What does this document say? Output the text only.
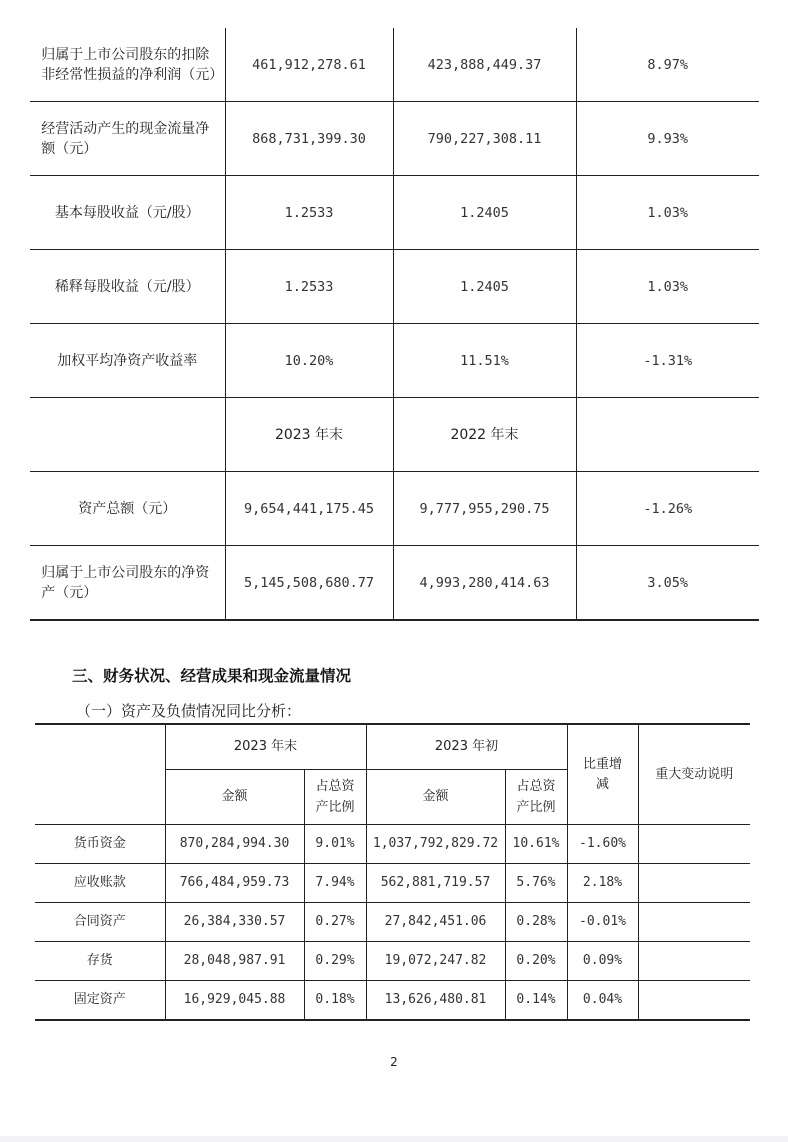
归属于上市公司股东的扣除非经常性损益的净利润（元）	461,912,278.61	423,888,449.37	8.97%
经营活动产生的现金流量净额（元）	868,731,399.30	790,227,308.11	9.93%
基本每股收益（元/股）	1.2533	1.2405	1.03%
稀释每股收益（元/股）	1.2533	1.2405	1.03%
加权平均净资产收益率	10.20%	11.51%	-1.31%
	2023 年末	2022 年末	
资产总额（元）	9,654,441,175.45	9,777,955,290.75	-1.26%
归属于上市公司股东的净资产（元）	5,145,508,680.77	4,993,280,414.63	3.05%

三、财务状况、经营成果和现金流量情况

（一）资产及负债情况同比分析：

	2023 年末		2023 年初		比重增减	重大变动说明
	金额	占总资产比例	金额	占总资产比例		
货币资金	870,284,994.30	9.01%	1,037,792,829.72	10.61%	-1.60%	
应收账款	766,484,959.73	7.94%	562,881,719.57	5.76%	2.18%	
合同资产	26,384,330.57	0.27%	27,842,451.06	0.28%	-0.01%	
存货	28,048,987.91	0.29%	19,072,247.82	0.20%	0.09%	
固定资产	16,929,045.88	0.18%	13,626,480.81	0.14%	0.04%	
2
